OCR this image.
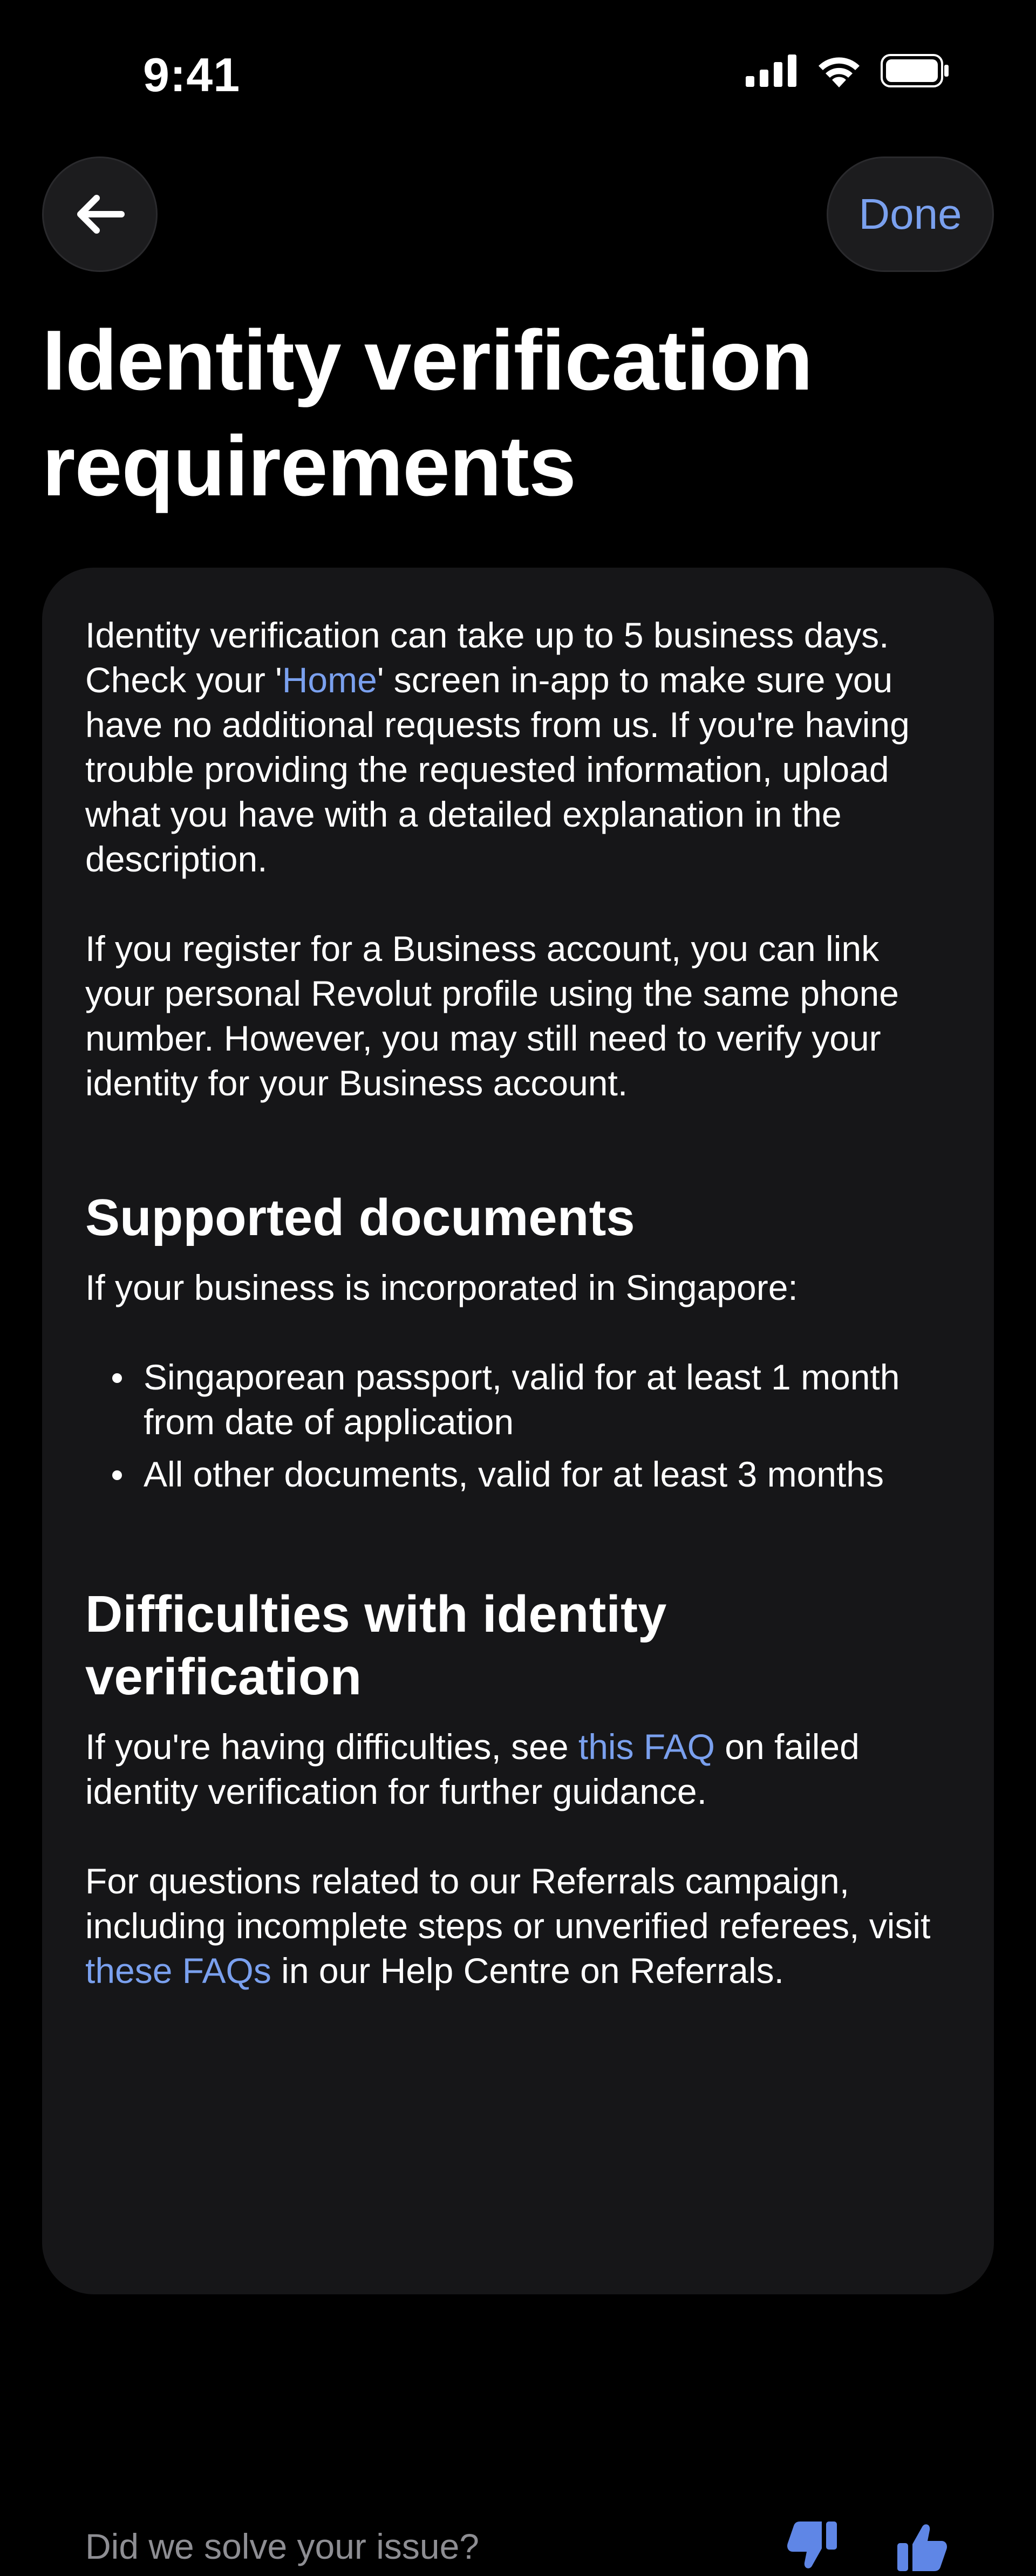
9:41
Done
Identity verification
requirements

Identity verification can take up to 5 business days. Check your 'Home' screen in-app to make sure you have no additional requests from us. If you're having trouble providing the requested information, upload what you have with a detailed explanation in the description.

If you register for a Business account, you can link your personal Revolut profile using the same phone number. However, you may still need to verify your identity for your Business account.

Supported documents

If your business is incorporated in Singapore:

Singaporean passport, valid for at least 1 month from date of application
All other documents, valid for at least 3 months
Difficulties with identity verification

If you're having difficulties, see this FAQ on failed identity verification for further guidance.

For questions related to our Referrals campaign, including incomplete steps or unverified referees, visit these FAQs in our Help Centre on Referrals.

Did we solve your issue?
